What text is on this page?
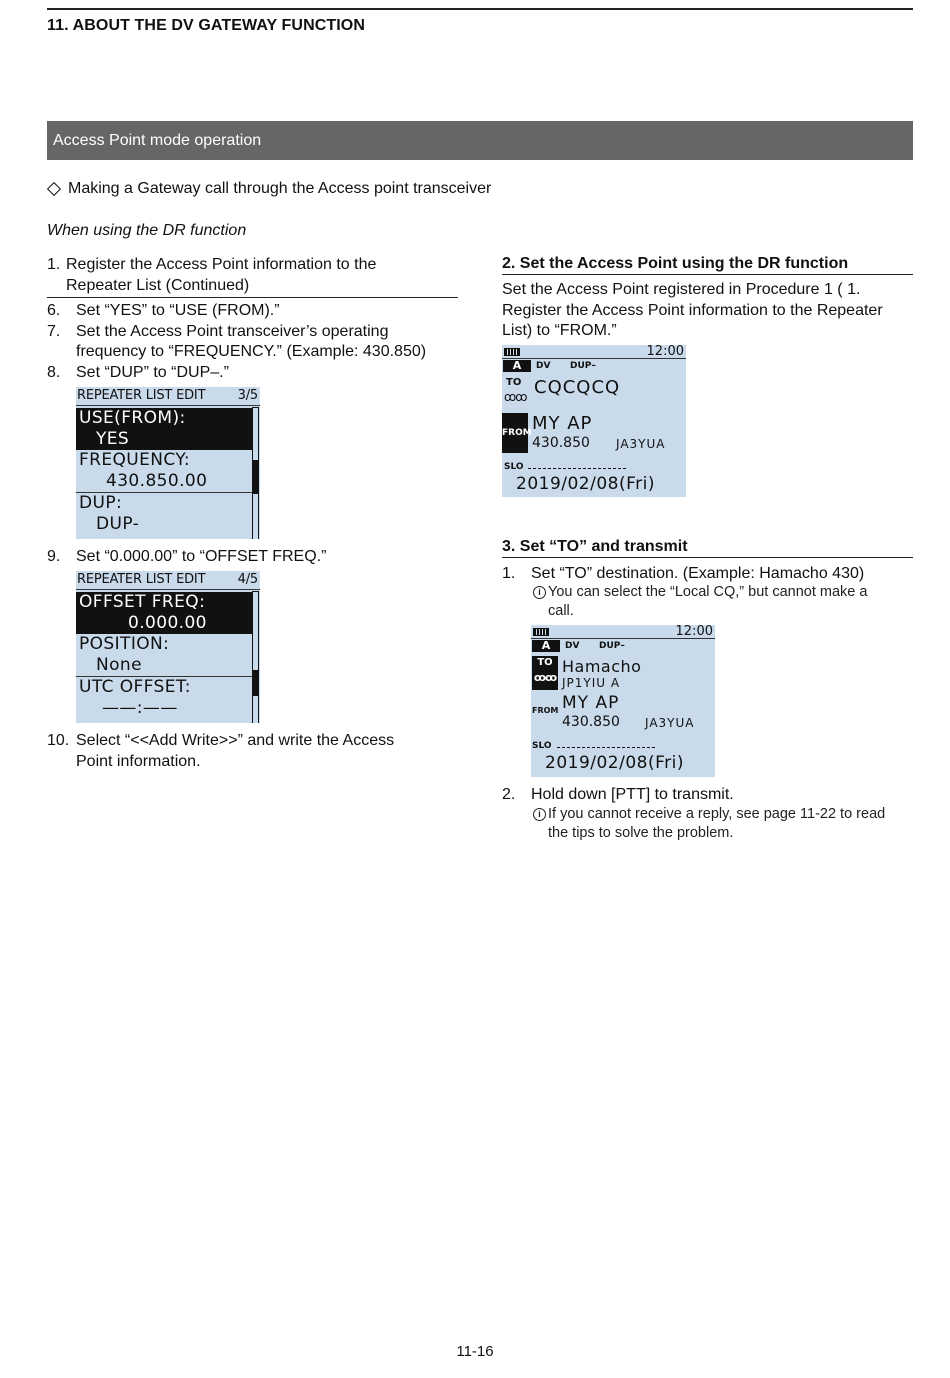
11. ABOUT THE DV GATEWAY FUNCTION
Access Point mode operation
Making a Gateway call through the Access point transceiver
When using the DR function
1. Register the Access Point information to the
Repeater List (Continued)
6. Set “YES” to “USE (FROM).”
7. Set the Access Point transceiver’s operating
frequency to “FREQUENCY.” (Example: 430.850)
8. Set “DUP” to “DUP–.”
REPEATER LIST EDIT 3/5
USE(FROM):
YES
FREQUENCY:
430.850.00
DUP:
DUP-
9. Set “0.000.00” to “OFFSET FREQ.”
REPEATER LIST EDIT 4/5
OFFSET FREQ:
0.000.00
POSITION:
None
UTC OFFSET:
——:——
10. Select “<<Add Write>>” and write the Access
Point information.
2. Set the Access Point using the DR function
Set the Access Point registered in Procedure 1 ( 1.
Register the Access Point information to the Repeater
List) to “FROM.”
12:00
A	DV DUP–
TO
ꝏꝏ CQCQCQ
FROM MY AP
430.850 JA3YUA
SLO
2019/02/08(Fri)
3. Set “TO” and transmit
1. Set “TO” destination. (Example: Hamacho 430)
i You can select the “Local CQ,” but cannot make a
call.
12:00
A	DV DUP–
TO
ꝏꝏ
Hamacho
JP1YIU A
FROM MY AP
430.850 JA3YUA
SLO
2019/02/08(Fri)
2. Hold down [PTT] to transmit.
i If you cannot receive a reply, see page 11-22 to read
the tips to solve the problem.
11-16
